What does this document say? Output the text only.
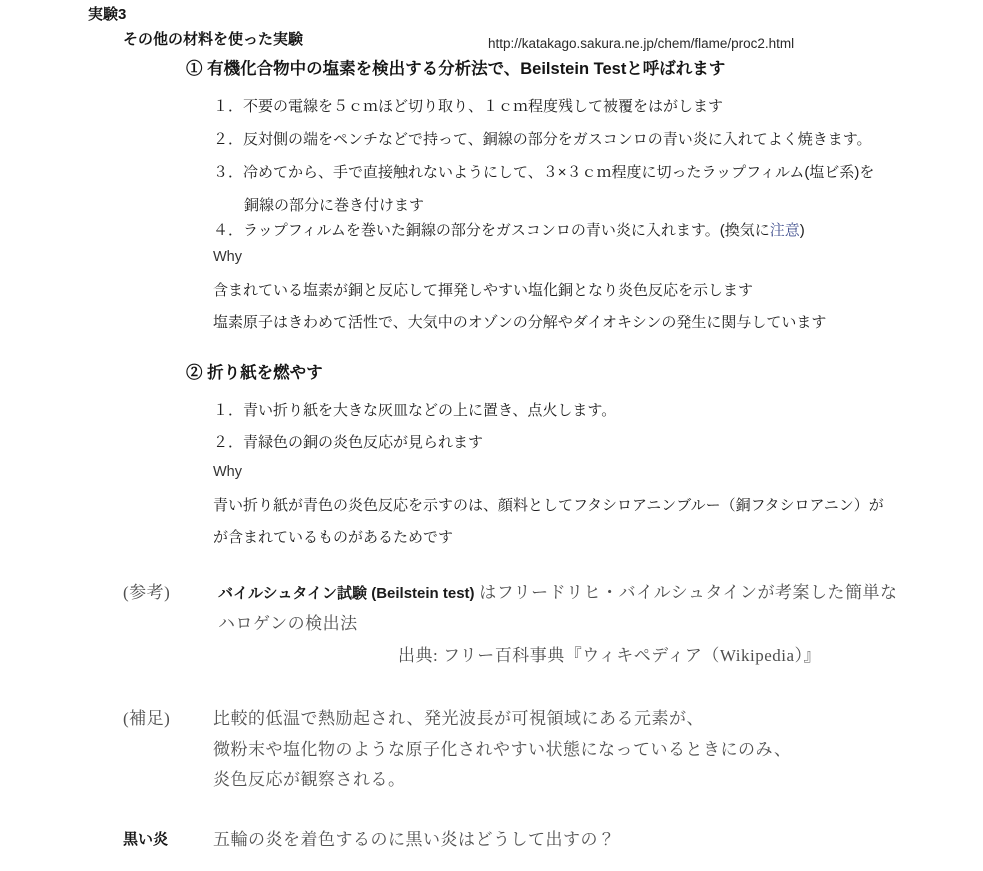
実験3
その他の材料を使った実験	http://katakago.sakura.ne.jp/chem/flame/proc2.html
① 有機化合物中の塩素を検出する分析法で、Beilstein Testと呼ばれます
１．不要の電線を５ｃｍほど切り取り、１ｃｍ程度残して被覆をはがします
２．反対側の端をペンチなどで持って、銅線の部分をガスコンロの青い炎に入れてよく焼きます。
３．冷めてから、手で直接触れないようにして、３×３ｃｍ程度に切ったラップフィルム(塩ビ系)を
銅線の部分に巻き付けます
４．ラップフィルムを巻いた銅線の部分をガスコンロの青い炎に入れます。(換気に注意)
Why
含まれている塩素が銅と反応して揮発しやすい塩化銅となり炎色反応を示します
塩素原子はきわめて活性で、大気中のオゾンの分解やダイオキシンの発生に関与しています
② 折り紙を燃やす
１．青い折り紙を大きな灰皿などの上に置き、点火します。
２．青緑色の銅の炎色反応が見られます
Why
青い折り紙が青色の炎色反応を示すのは、顔料としてフタシロアニンブルー（銅フタシロアニン）が
が含まれているものがあるためです
(参考)	バイルシュタイン試験 (Beilstein test) はフリードリヒ・バイルシュタインが考案した簡単な
ハロゲンの検出法
出典: フリー百科事典『ウィキペディア（Wikipedia）』
(補足)	比較的低温で熱励起され、発光波長が可視領域にある元素が、
微粉末や塩化物のような原子化されやすい状態になっているときにのみ、
炎色反応が観察される。
黒い炎	五輪の炎を着色するのに黒い炎はどうして出すの？
